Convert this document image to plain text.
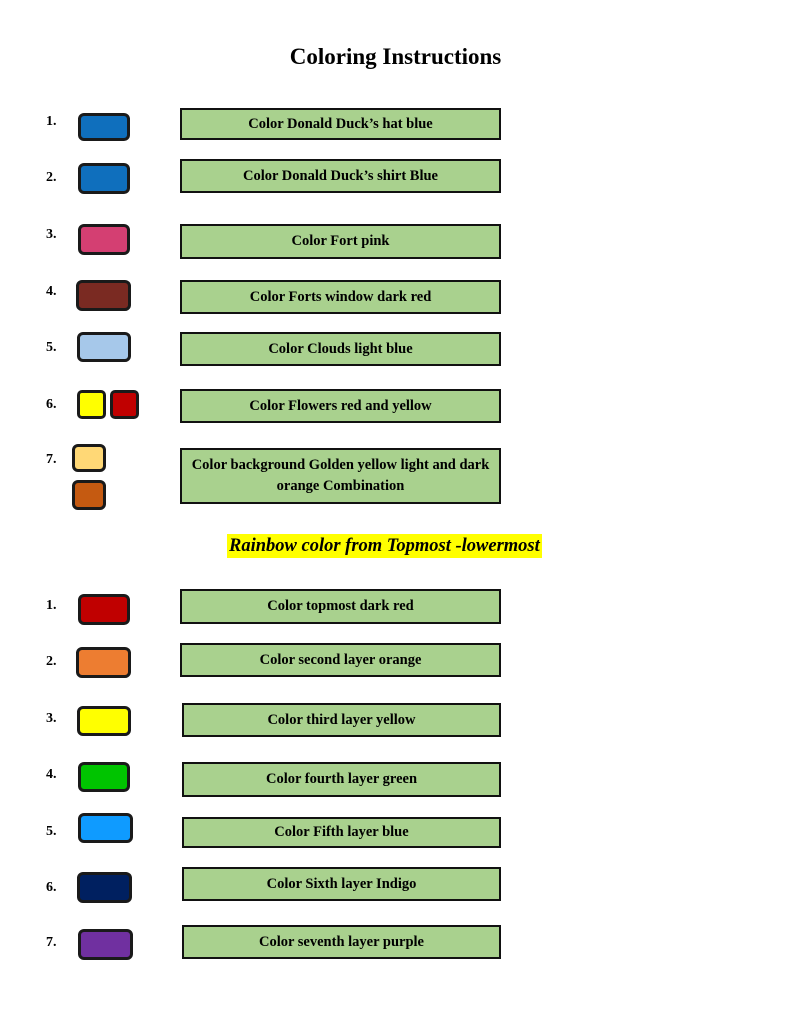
Coloring Instructions
1.	Color Donald Duck’s hat blue
2.	Color Donald Duck’s shirt Blue
3.	Color Fort pink
4.	Color Forts window dark red
5.	Color Clouds light blue
6.	Color Flowers red and yellow
7.	Color background Golden yellow light and dark orange Combination
Rainbow color from Topmost -lowermost
1.	Color topmost dark red
2.	Color second layer orange
3.	Color third layer yellow
4.	Color fourth layer green
5.	Color Fifth layer blue
6.	Color Sixth layer Indigo
7.	Color seventh layer purple
